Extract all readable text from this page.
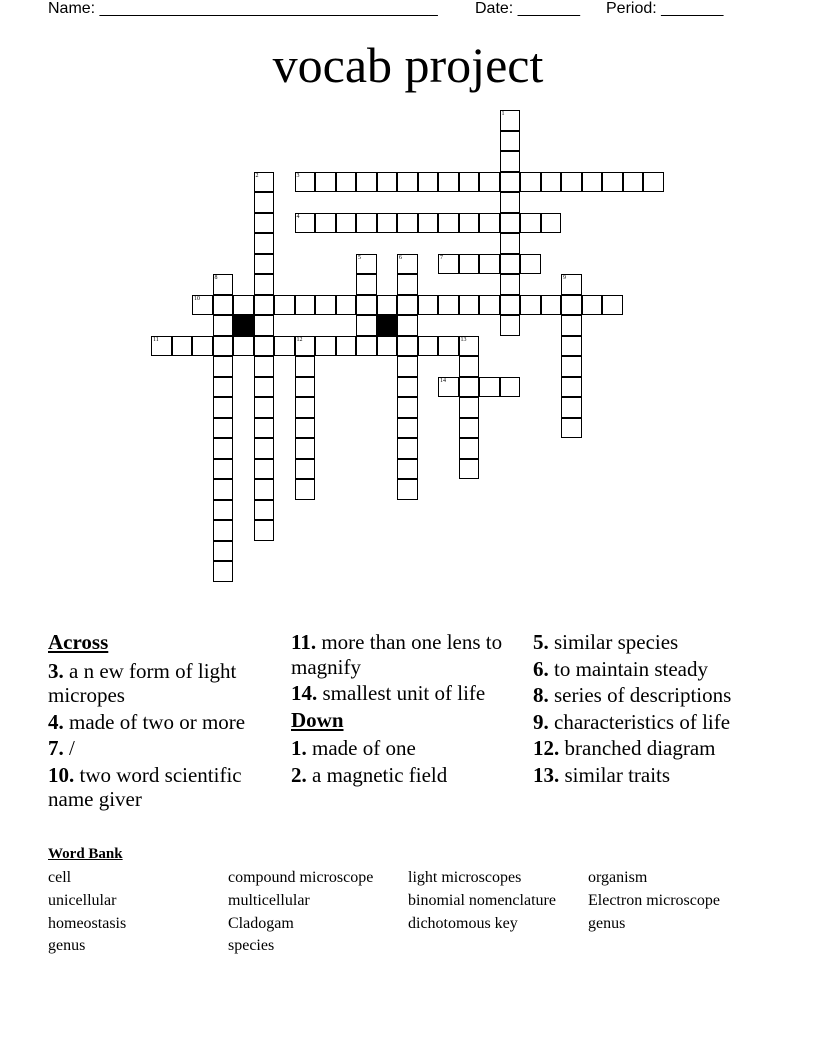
Name: ______________________________________ Date: _______ Period: _______
vocab project
1
2	3
4
5	6	7
8	9
10
11	12	13
14
Across
3. a n ew form of light micropes
4. made of two or more
7. /
10. two word scientific name giver
11. more than one lens to magnify
14. smallest unit of life
Down
1. made of one
2. a magnetic field
5. similar species
6. to maintain steady
8. series of descriptions
9. characteristics of life
12. branched diagram
13. similar traits
Word Bank
cell
unicellular
homeostasis
genus
compound microscope
multicellular
Cladogam
species
light microscopes
binomial nomenclature
dichotomous key
organism
Electron microscope
genus
